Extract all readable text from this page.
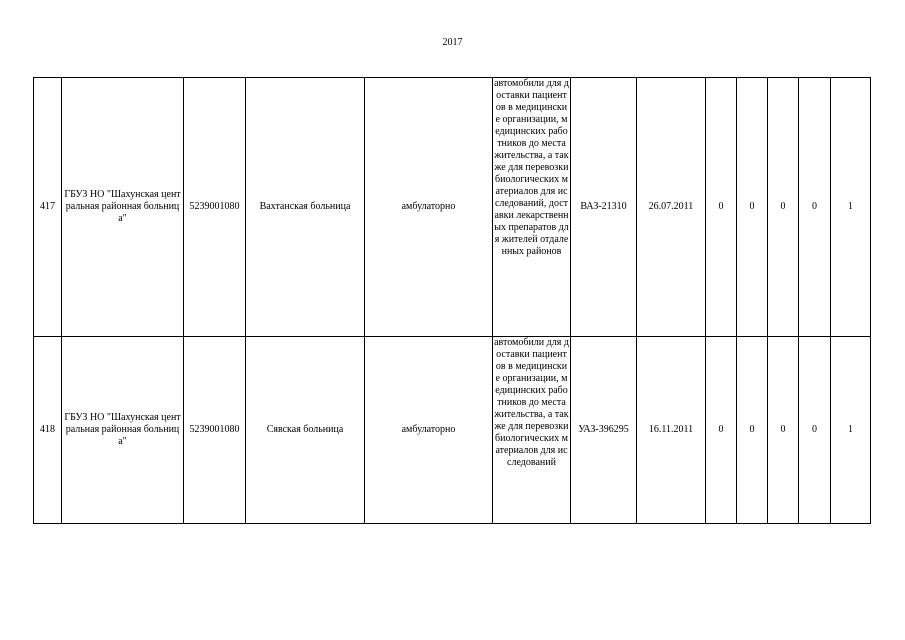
2017
417	ГБУЗ НО "Шахунская центральная районная больница"	5239001080	Вахтанская больница	амбулаторно	автомобили для доставки пациентов в медицинские организации, медицинских работников до места жительства, а также для перевозки биологических материалов для исследований, доставки лекарственных препаратов для жителей отдаленных районов	ВАЗ-21310	26.07.2011	0	0	0	0	1
418	ГБУЗ НО "Шахунская центральная районная больница"	5239001080	Сявская больница	амбулаторно	автомобили для доставки пациентов в медицинские организации, медицинских работников до места жительства, а также для перевозки биологических материалов для исследований	УАЗ-396295	16.11.2011	0	0	0	0	1
